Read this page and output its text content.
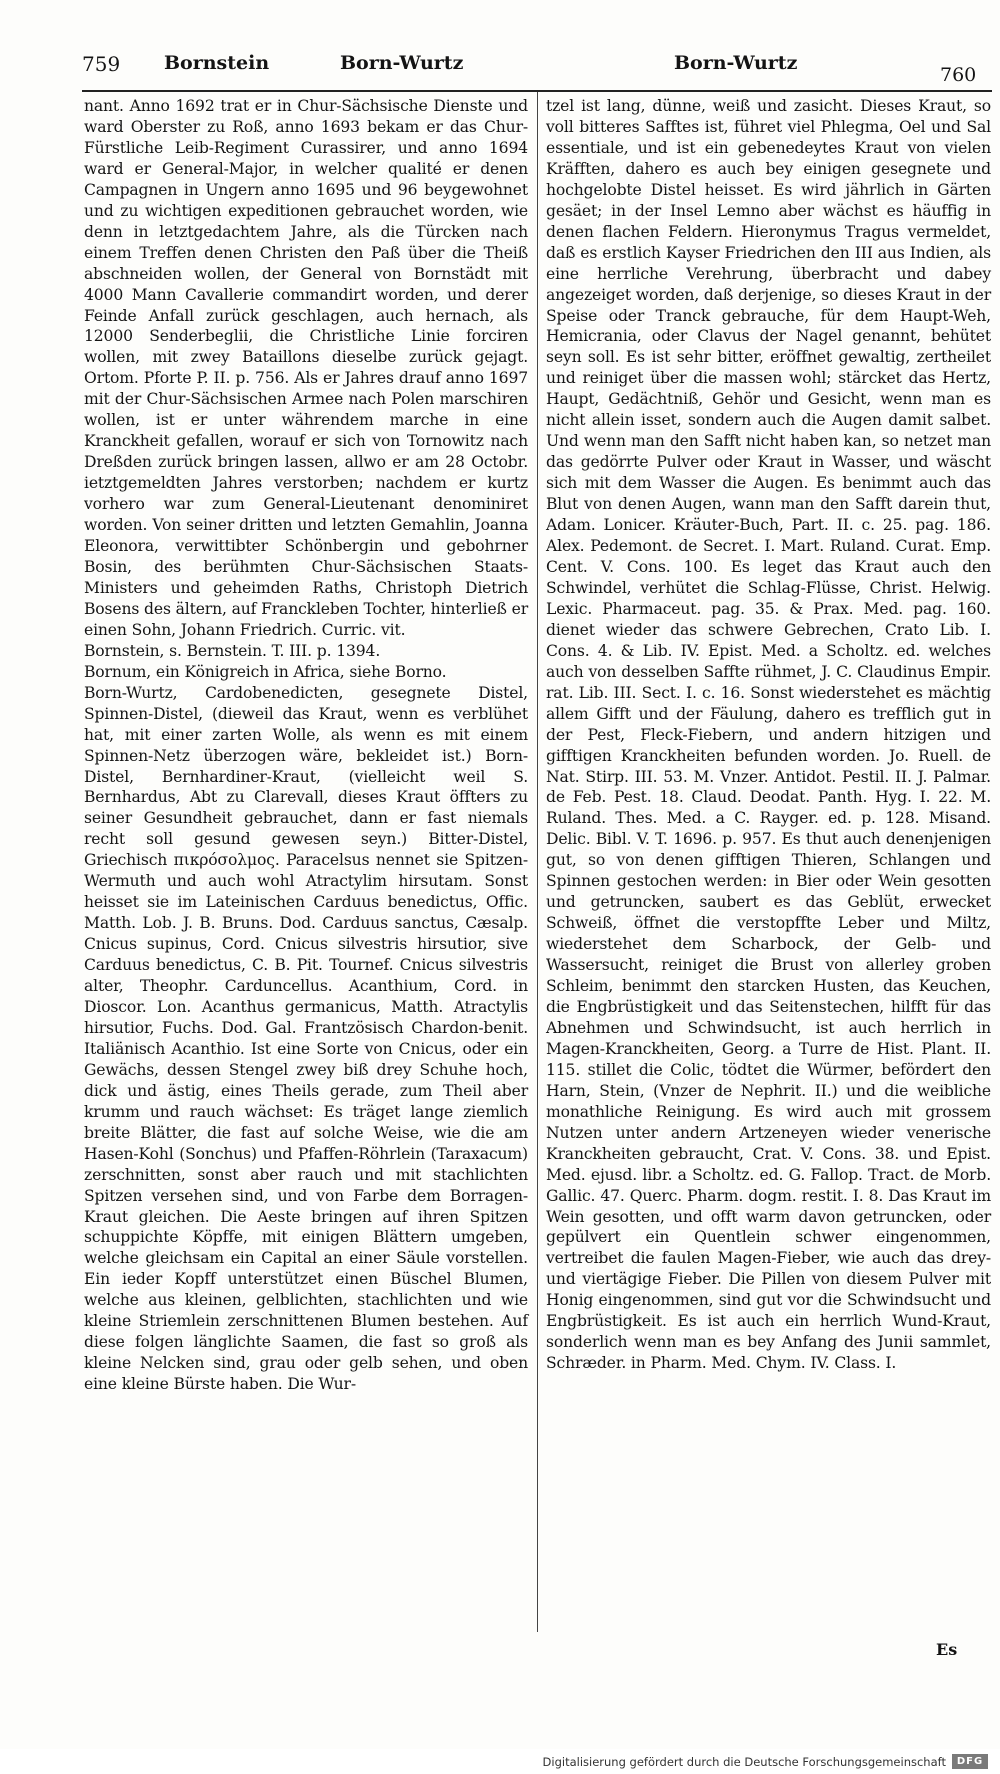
759 Bornstein	Born-Wurtz	Born-Wurtz
760

nant. Anno 1692 trat er in Chur-Sächsische Dienste und ward Oberster zu Roß, anno 1693 bekam er das Chur-Fürstliche Leib-Regiment Curassirer, und anno 1694 ward er General-Major, in welcher qualité er denen Campagnen in Ungern anno 1695 und 96 beygewohnet und zu wichtigen expeditionen gebrauchet worden, wie denn in letztgedachtem Jahre, als die Türcken nach einem Treffen denen Christen den Paß über die Theiß abschneiden wollen, der General von Bornstädt mit 4000 Mann Cavallerie commandirt worden, und derer Feinde Anfall zurück geschlagen, auch hernach, als 12000 Senderbeglii, die Christliche Linie forciren wollen, mit zwey Bataillons dieselbe zurück gejagt. Ortom. Pforte P. II. p. 756. Als er Jahres drauf anno 1697 mit der Chur-Sächsischen Armee nach Polen marschiren wollen, ist er unter währendem marche in eine Kranckheit gefallen, worauf er sich von Tornowitz nach Dreßden zurück bringen lassen, allwo er am 28 Octobr. ietztgemeldten Jahres verstorben; nachdem er kurtz vorhero war zum General-Lieutenant denominiret worden. Von seiner dritten und letzten Gemahlin, Joanna Eleonora, verwittibter Schönbergin und gebohrner Bosin, des berühmten Chur-Sächsischen Staats-Ministers und geheimden Raths, Christoph Dietrich Bosens des ältern, auf Franckleben Tochter, hinterließ er einen Sohn, Johann Friedrich. Curric. vit.

Bornstein, s. Bernstein. T. III. p. 1394.

Bornum, ein Königreich in Africa, siehe Borno.

Born-Wurtz, Cardobenedicten, gesegnete Distel, Spinnen-Distel, (dieweil das Kraut, wenn es verblühet hat, mit einer zarten Wolle, als wenn es mit einem Spinnen-Netz überzogen wäre, bekleidet ist.) Born-Distel, Bernhardiner-Kraut, (vielleicht weil S. Bernhardus, Abt zu Clarevall, dieses Kraut öffters zu seiner Gesundheit gebrauchet, dann er fast niemals recht soll gesund gewesen seyn.) Bitter-Distel, Griechisch πικρόσολμος. Paracelsus nennet sie Spitzen-Wermuth und auch wohl Atractylim hirsutam. Sonst heisset sie im Lateinischen Carduus benedictus, Offic. Matth. Lob. J. B. Bruns. Dod. Carduus sanctus, Cæsalp. Cnicus supinus, Cord. Cnicus silvestris hirsutior, sive Carduus benedictus, C. B. Pit. Tournef. Cnicus silvestris alter, Theophr. Carduncellus. Acanthium, Cord. in Dioscor. Lon. Acanthus germanicus, Matth. Atractylis hirsutior, Fuchs. Dod. Gal. Frantzösisch Chardon-benit. Italiänisch Acanthio. Ist eine Sorte von Cnicus, oder ein Gewächs, dessen Stengel zwey biß drey Schuhe hoch, dick und ästig, eines Theils gerade, zum Theil aber krumm und rauch wächset: Es träget lange ziemlich breite Blätter, die fast auf solche Weise, wie die am Hasen-Kohl (Sonchus) und Pfaffen-Röhrlein (Taraxacum) zerschnitten, sonst aber rauch und mit stachlichten Spitzen versehen sind, und von Farbe dem Borragen-Kraut gleichen. Die Aeste bringen auf ihren Spitzen schuppichte Köpffe, mit einigen Blättern umgeben, welche gleichsam ein Capital an einer Säule vorstellen. Ein ieder Kopff unterstützet einen Büschel Blumen, welche aus kleinen, gelblichten, stachlichten und wie kleine Striemlein zerschnittenen Blumen bestehen. Auf diese folgen länglichte Saamen, die fast so groß als kleine Nelcken sind, grau oder gelb sehen, und oben eine kleine Bürste haben. Die Wur-

tzel ist lang, dünne, weiß und zasicht. Dieses Kraut, so voll bitteres Safftes ist, führet viel Phlegma, Oel und Sal essentiale, und ist ein gebenedeytes Kraut von vielen Kräfften, dahero es auch bey einigen gesegnete und hochgelobte Distel heisset. Es wird jährlich in Gärten gesäet; in der Insel Lemno aber wächst es häuffig in denen flachen Feldern. Hieronymus Tragus vermeldet, daß es erstlich Kayser Friedrichen den III aus Indien, als eine herrliche Verehrung, überbracht und dabey angezeiget worden, daß derjenige, so dieses Kraut in der Speise oder Tranck gebrauche, für dem Haupt-Weh, Hemicrania, oder Clavus der Nagel genannt, behütet seyn soll. Es ist sehr bitter, eröffnet gewaltig, zertheilet und reiniget über die massen wohl; stärcket das Hertz, Haupt, Gedächtniß, Gehör und Gesicht, wenn man es nicht allein isset, sondern auch die Augen damit salbet. Und wenn man den Safft nicht haben kan, so netzet man das gedörrte Pulver oder Kraut in Wasser, und wäscht sich mit dem Wasser die Augen. Es benimmt auch das Blut von denen Augen, wann man den Safft darein thut, Adam. Lonicer. Kräuter-Buch, Part. II. c. 25. pag. 186. Alex. Pedemont. de Secret. I. Mart. Ruland. Curat. Emp. Cent. V. Cons. 100. Es leget das Kraut auch den Schwindel, verhütet die Schlag-Flüsse, Christ. Helwig. Lexic. Pharmaceut. pag. 35. & Prax. Med. pag. 160. dienet wieder das schwere Gebrechen, Crato Lib. I. Cons. 4. & Lib. IV. Epist. Med. a Scholtz. ed. welches auch von desselben Saffte rühmet, J. C. Claudinus Empir. rat. Lib. III. Sect. I. c. 16. Sonst wiederstehet es mächtig allem Gifft und der Fäulung, dahero es trefflich gut in der Pest, Fleck-Fiebern, und andern hitzigen und gifftigen Kranckheiten befunden worden. Jo. Ruell. de Nat. Stirp. III. 53. M. Vnzer. Antidot. Pestil. II. J. Palmar. de Feb. Pest. 18. Claud. Deodat. Panth. Hyg. I. 22. M. Ruland. Thes. Med. a C. Rayger. ed. p. 128. Misand. Delic. Bibl. V. T. 1696. p. 957. Es thut auch denenjenigen gut, so von denen gifftigen Thieren, Schlangen und Spinnen gestochen werden: in Bier oder Wein gesotten und getruncken, saubert es das Geblüt, erwecket Schweiß, öffnet die verstopffte Leber und Miltz, wiederstehet dem Scharbock, der Gelb- und Wassersucht, reiniget die Brust von allerley groben Schleim, benimmt den starcken Husten, das Keuchen, die Engbrüstigkeit und das Seitenstechen, hilfft für das Abnehmen und Schwindsucht, ist auch herrlich in Magen-Kranckheiten, Georg. a Turre de Hist. Plant. II. 115. stillet die Colic, tödtet die Würmer, befördert den Harn, Stein, (Vnzer de Nephrit. II.) und die weibliche monathliche Reinigung. Es wird auch mit grossem Nutzen unter andern Artzeneyen wieder venerische Kranckheiten gebraucht, Crat. V. Cons. 38. und Epist. Med. ejusd. libr. a Scholtz. ed. G. Fallop. Tract. de Morb. Gallic. 47. Querc. Pharm. dogm. restit. I. 8. Das Kraut im Wein gesotten, und offt warm davon getruncken, oder gepülvert ein Quentlein schwer eingenommen, vertreibet die faulen Magen-Fieber, wie auch das drey- und viertägige Fieber. Die Pillen von diesem Pulver mit Honig eingenommen, sind gut vor die Schwindsucht und Engbrüstigkeit. Es ist auch ein herrlich Wund-Kraut, sonderlich wenn man es bey Anfang des Junii sammlet, Schræder. in Pharm. Med. Chym. IV. Class. I.

Es
Digitalisierung gefördert durch die Deutsche Forschungsgemeinschaft	DFG
